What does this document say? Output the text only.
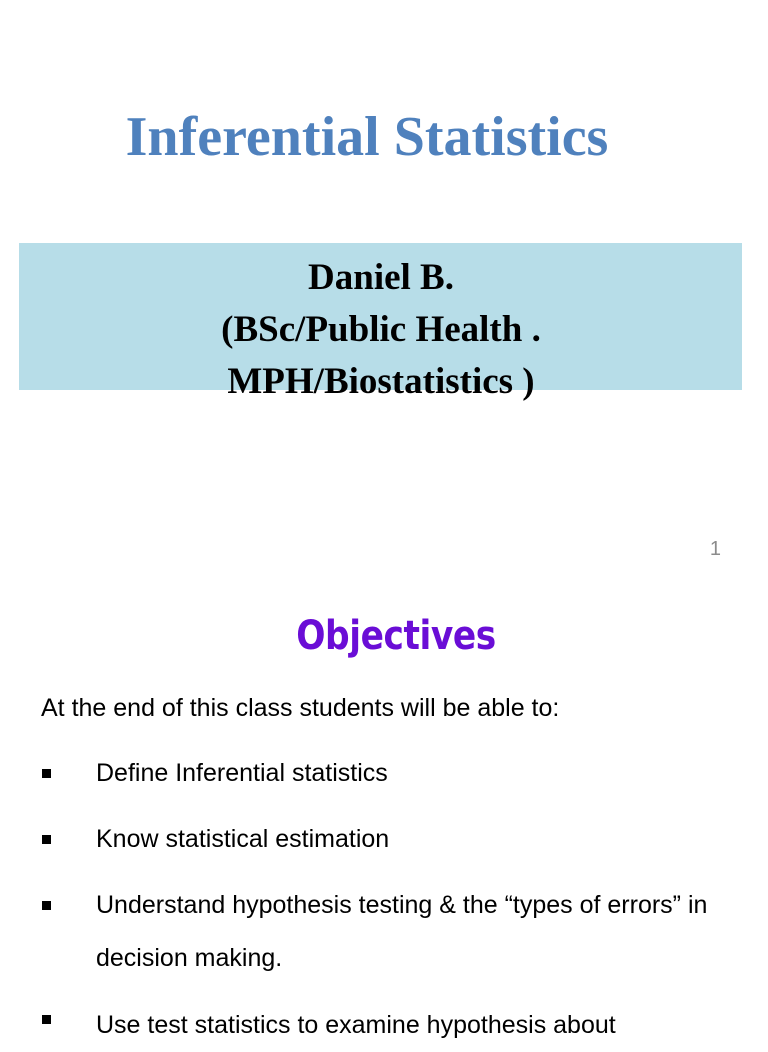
Inferential Statistics
Daniel B.
(BSc/Public Health .
MPH/Biostatistics )
1
Objectives
At the end of this class students will be able to:
Define Inferential statistics
Know statistical estimation
Understand hypothesis testing & the “types of errors” in decision making.
Use test statistics to examine hypothesis about
